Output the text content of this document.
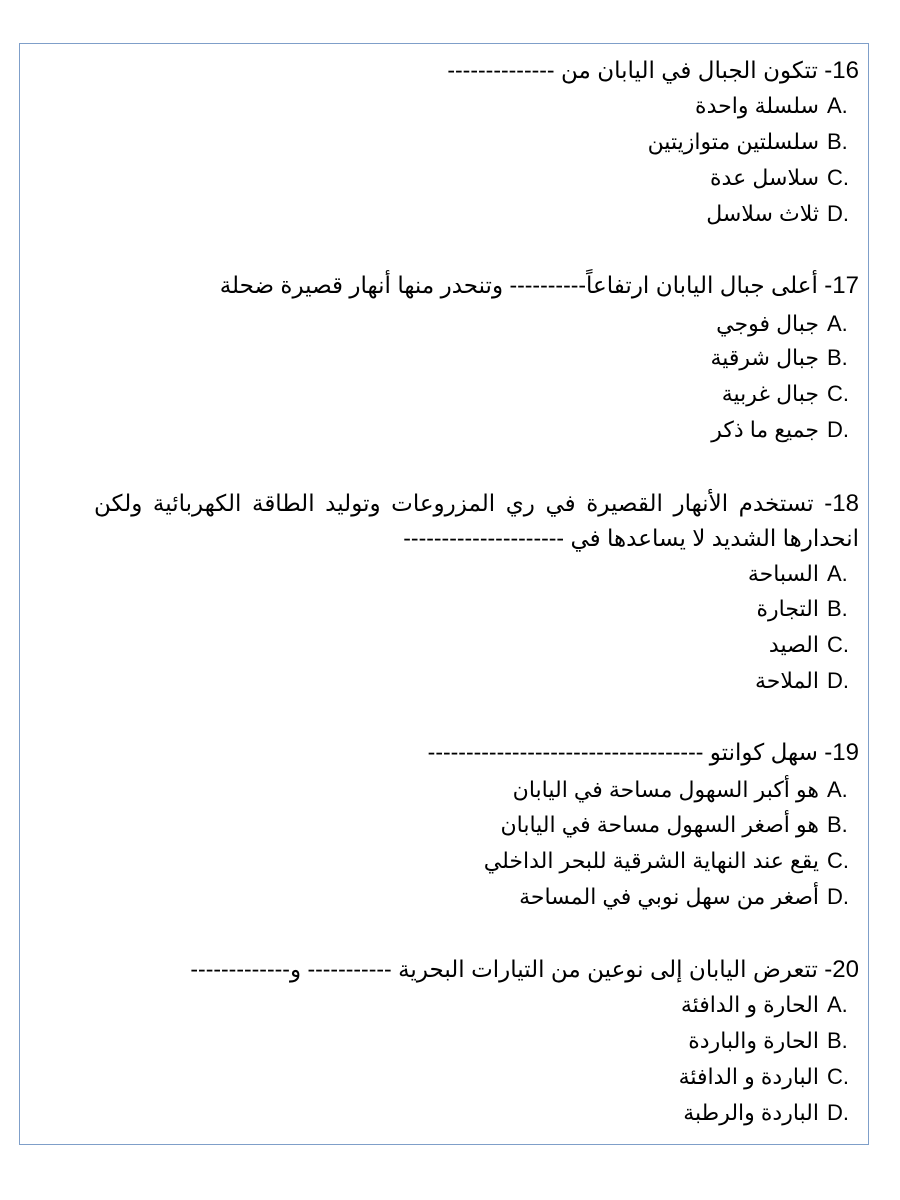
16- تتكون الجبال في اليابان من --------------
A.
سلسلة واحدة
B.
سلسلتين متوازيتين
C.
سلاسل عدة
D.
ثلاث سلاسل
17- أعلى جبال اليابان ارتفاعاً---------- وتنحدر منها أنهار قصيرة ضحلة
A.
جبال فوجي
B.
جبال شرقية
C.
جبال غربية
D.
جميع ما ذكر
18- تستخدم الأنهار القصيرة في ري المزروعات وتوليد الطاقة الكهربائية ولكن انحدارها الشديد لا يساعدها في ---------------------
A.
السباحة
B.
التجارة
C.
الصيد
D.
الملاحة
19- سهل كوانتو ------------------------------------
A.
هو أكبر السهول مساحة في اليابان
B.
هو أصغر السهول مساحة في اليابان
C.
يقع عند النهاية الشرقية للبحر الداخلي
D.
أصغر من سهل نوبي في المساحة
20- تتعرض اليابان إلى نوعين من التيارات البحرية ----------- و-------------
A.
الحارة و الدافئة
B.
الحارة والباردة
C.
الباردة و الدافئة
D.
الباردة والرطبة
